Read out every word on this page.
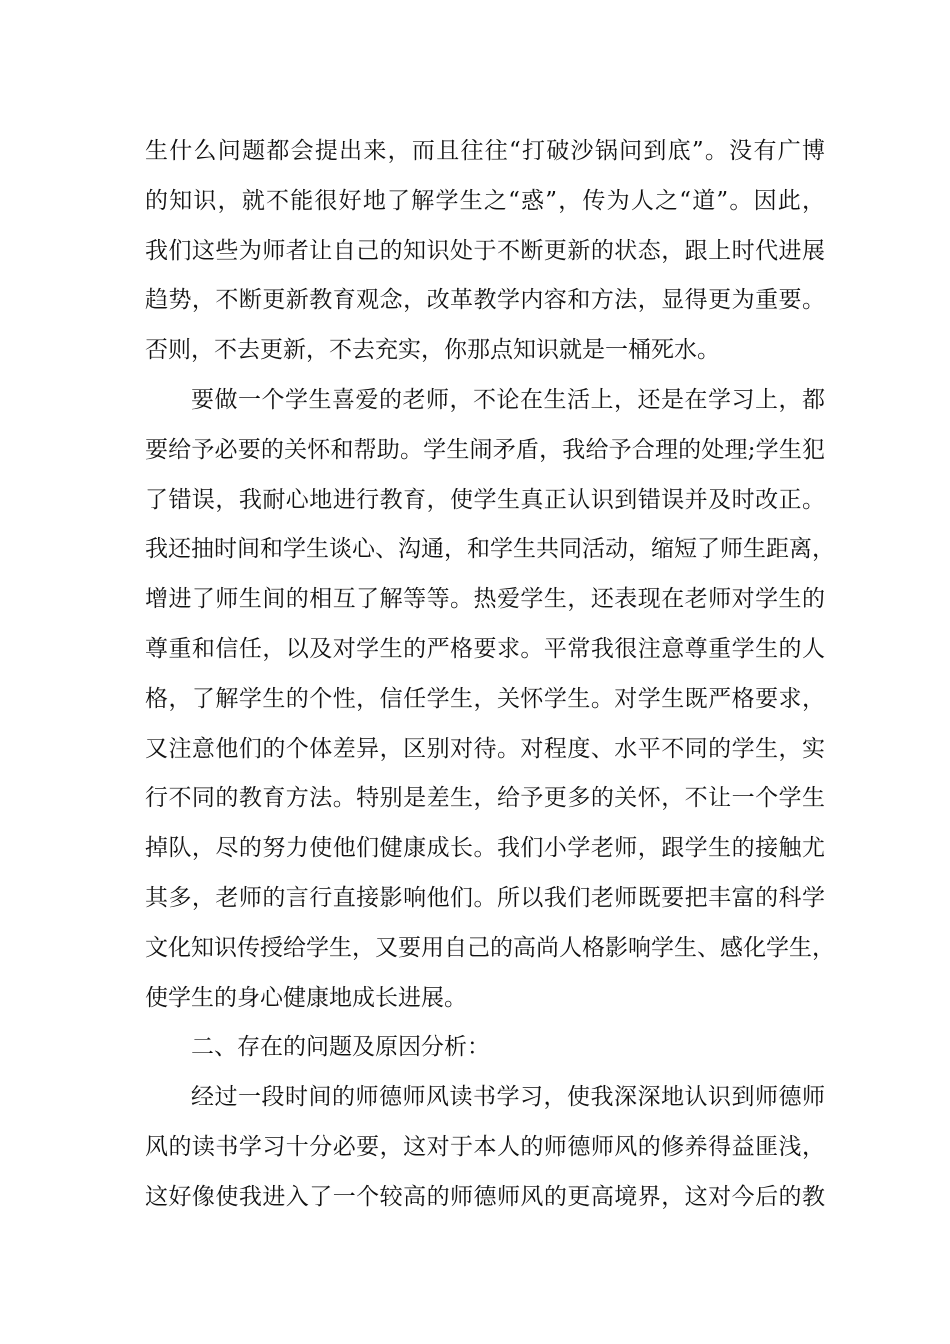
生什么问题都会提出来，而且往往“打破沙锅问到底”。没有广博
的知识，就不能很好地了解学生之“惑”，传为人之“道”。因此，
我们这些为师者让自己的知识处于不断更新的状态，跟上时代进展
趋势，不断更新教育观念，改革教学内容和方法，显得更为重要。
否则，不去更新，不去充实，你那点知识就是一桶死水。
要做一个学生喜爱的老师，不论在生活上，还是在学习上，都
要给予必要的关怀和帮助。学生闹矛盾，我给予合理的处理;学生犯
了错误，我耐心地进行教育，使学生真正认识到错误并及时改正。
我还抽时间和学生谈心、沟通，和学生共同活动，缩短了师生距离，
增进了师生间的相互了解等等。热爱学生，还表现在老师对学生的
尊重和信任，以及对学生的严格要求。平常我很注意尊重学生的人
格，了解学生的个性，信任学生，关怀学生。对学生既严格要求，
又注意他们的个体差异，区别对待。对程度、水平不同的学生，实
行不同的教育方法。特别是差生，给予更多的关怀，不让一个学生
掉队，尽的努力使他们健康成长。我们小学老师，跟学生的接触尤
其多，老师的言行直接影响他们。所以我们老师既要把丰富的科学
文化知识传授给学生，又要用自己的高尚人格影响学生、感化学生，
使学生的身心健康地成长进展。
二、存在的问题及原因分析：
经过一段时间的师德师风读书学习，使我深深地认识到师德师
风的读书学习十分必要，这对于本人的师德师风的修养得益匪浅，
这好像使我进入了一个较高的师德师风的更高境界，这对今后的教
